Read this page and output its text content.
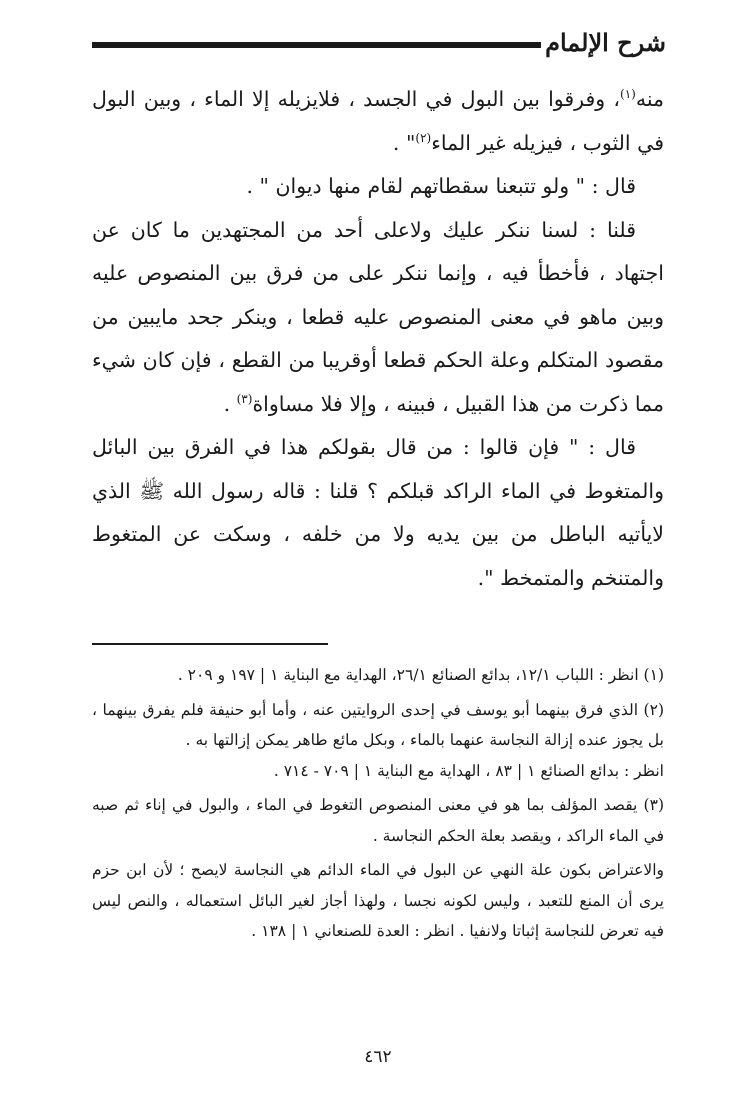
شرح الإلمام

منه$^{(١)}$، وفرقوا بين البول في الجسد ، فلايزيله إلا الماء ، وبين البول في الثوب ، فيزيله غير الماء$^{(٢)}$" .

قال : " ولو تتبعنا سقطاتهم لقام منها ديوان " .

قلنا : لسنا ننكر عليك ولاعلى أحد من المجتهدين ما كان عن اجتهاد ، فأخطأ فيه ، وإنما ننكر على من فرق بين المنصوص عليه وبين ماهو في معنى المنصوص عليه قطعا ، وينكر جحد مايبين من مقصود المتكلم وعلة الحكم قطعا أوقريبا من القطع ، فإن كان شيء مما ذكرت من هذا القبيل ، فبينه ، وإلا فلا مساواة$^{(٣)}$ .

قال : " فإن قالوا : من قال بقولكم هذا في الفرق بين البائل والمتغوط في الماء الراكد قبلكم ؟ قلنا : قاله رسول الله ﷺ الذي لايأتيه الباطل من بين يديه ولا من خلفه ، وسكت عن المتغوط والمتنخم والمتمخط ".

(١) انظر : اللباب ١٢/١، بدائع الصنائع ٢٦/١، الهداية مع البناية ١ | ١٩٧ و ٢٠٩ .

(٢) الذي فرق بينهما أبو يوسف في إحدى الروايتين عنه ، وأما أبو حنيفة فلم يفرق بينهما ، بل يجوز عنده إزالة النجاسة عنهما بالماء ، وبكل مائع طاهر يمكن إزالتها به .

انظر : بدائع الصنائع ١ | ٨٣ ، الهداية مع البناية ١ | ٧٠٩ - ٧١٤ .

(٣) يقصد المؤلف بما هو في معنى المنصوص التغوط في الماء ، والبول في إناء ثم صبه في الماء الراكد ، ويقصد بعلة الحكم النجاسة .

والاعتراض بكون علة النهي عن البول في الماء الدائم هي النجاسة لايصح ؛ لأن ابن حزم يرى أن المنع للتعبد ، وليس لكونه نجسا ، ولهذا أجاز لغير البائل استعماله ، والنص ليس فيه تعرض للنجاسة إثباتا ولانفيا . انظر : العدة للصنعاني ١ | ١٣٨ .

٤٦٢
